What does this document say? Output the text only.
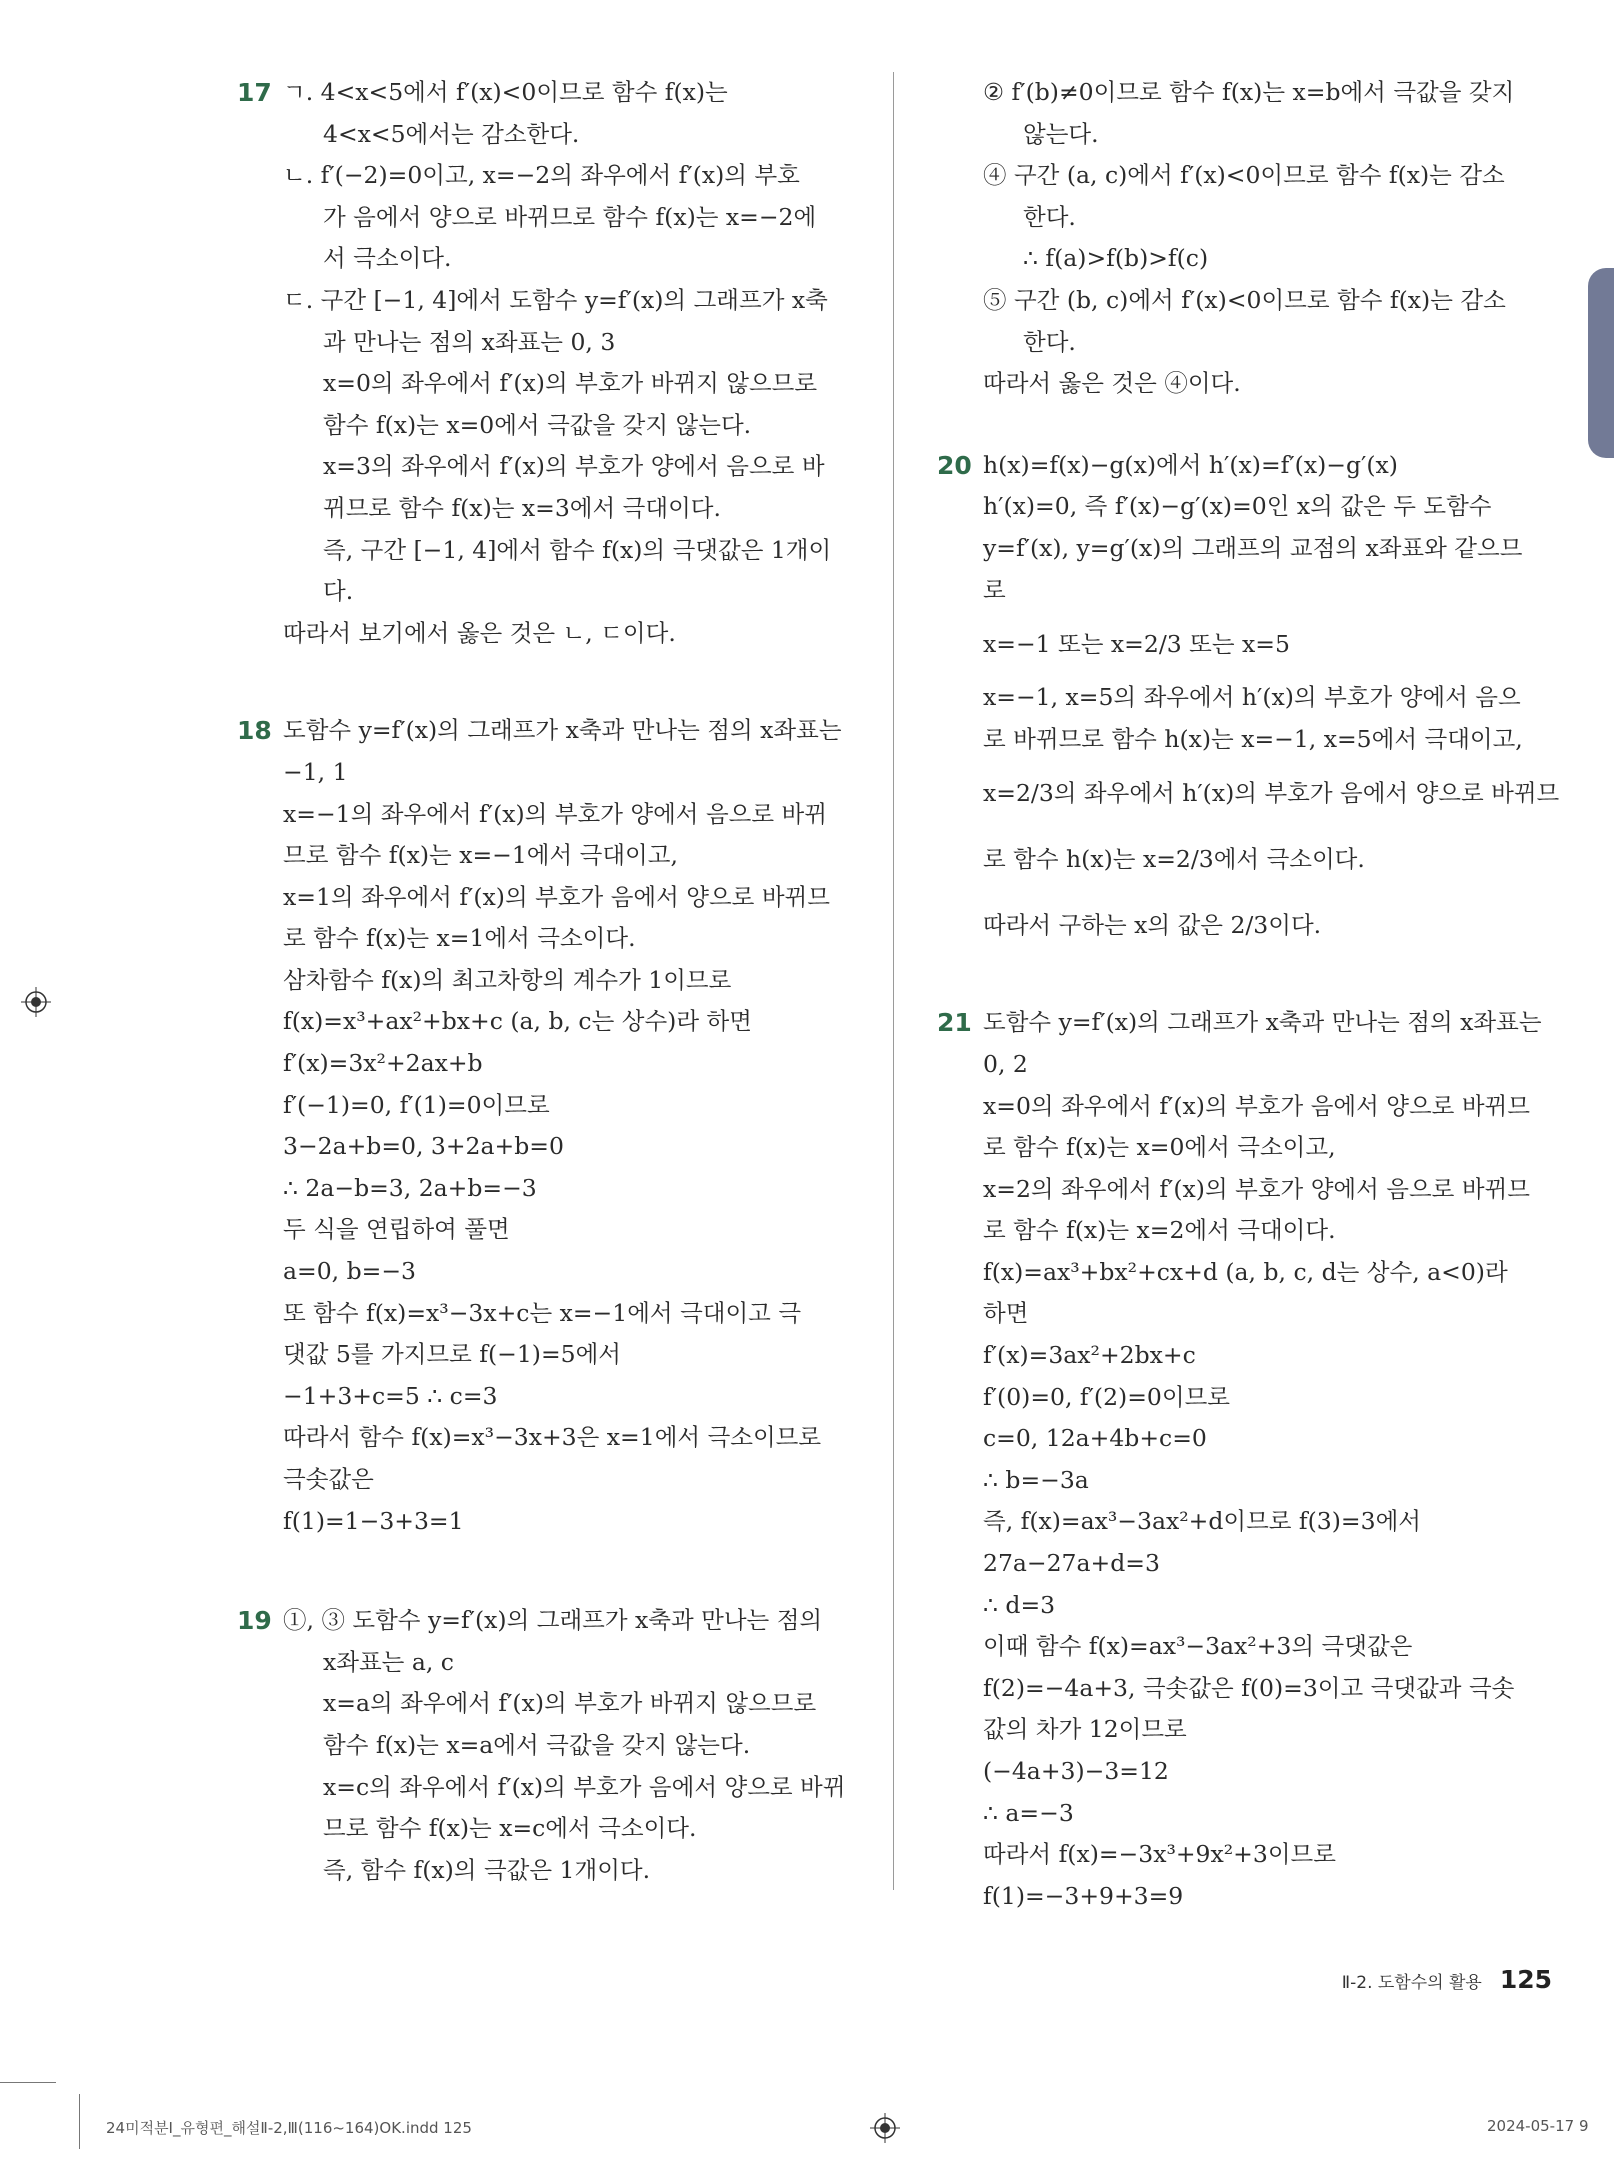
17 ㄱ. 4<x<5에서 f′(x)<0이므로 함수 f(x)는
4<x<5에서는 감소한다.
ㄴ. f′(−2)=0이고, x=−2의 좌우에서 f′(x)의 부호
가 음에서 양으로 바뀌므로 함수 f(x)는 x=−2에
서 극소이다.
ㄷ. 구간 [−1, 4]에서 도함수 y=f′(x)의 그래프가 x축
과 만나는 점의 x좌표는 0, 3
x=0의 좌우에서 f′(x)의 부호가 바뀌지 않으므로
함수 f(x)는 x=0에서 극값을 갖지 않는다.
x=3의 좌우에서 f′(x)의 부호가 양에서 음으로 바
뀌므로 함수 f(x)는 x=3에서 극대이다.
즉, 구간 [−1, 4]에서 함수 f(x)의 극댓값은 1개이
다.
따라서 보기에서 옳은 것은 ㄴ, ㄷ이다.
18 도함수 y=f′(x)의 그래프가 x축과 만나는 점의 x좌표는
−1, 1
x=−1의 좌우에서 f′(x)의 부호가 양에서 음으로 바뀌
므로 함수 f(x)는 x=−1에서 극대이고,
x=1의 좌우에서 f′(x)의 부호가 음에서 양으로 바뀌므
로 함수 f(x)는 x=1에서 극소이다.
삼차함수 f(x)의 최고차항의 계수가 1이므로
f(x)=x³+ax²+bx+c (a, b, c는 상수)라 하면
f′(x)=3x²+2ax+b
f′(−1)=0, f′(1)=0이므로
3−2a+b=0, 3+2a+b=0
∴ 2a−b=3, 2a+b=−3
두 식을 연립하여 풀면
a=0, b=−3
또 함수 f(x)=x³−3x+c는 x=−1에서 극대이고 극
댓값 5를 가지므로 f(−1)=5에서
−1+3+c=5 ∴ c=3
따라서 함수 f(x)=x³−3x+3은 x=1에서 극소이므로
극솟값은
f(1)=1−3+3=1
19 ①, ③ 도함수 y=f′(x)의 그래프가 x축과 만나는 점의
x좌표는 a, c
x=a의 좌우에서 f′(x)의 부호가 바뀌지 않으므로
함수 f(x)는 x=a에서 극값을 갖지 않는다.
x=c의 좌우에서 f′(x)의 부호가 음에서 양으로 바뀌
므로 함수 f(x)는 x=c에서 극소이다.
즉, 함수 f(x)의 극값은 1개이다.
② f′(b)≠0이므로 함수 f(x)는 x=b에서 극값을 갖지
않는다.
④ 구간 (a, c)에서 f′(x)<0이므로 함수 f(x)는 감소
한다.
∴ f(a)>f(b)>f(c)
⑤ 구간 (b, c)에서 f′(x)<0이므로 함수 f(x)는 감소
한다.
따라서 옳은 것은 ④이다.
20 h(x)=f(x)−g(x)에서 h′(x)=f′(x)−g′(x)
h′(x)=0, 즉 f′(x)−g′(x)=0인 x의 값은 두 도함수
y=f′(x), y=g′(x)의 그래프의 교점의 x좌표와 같으므
로
x=−1 또는 x=2/3 또는 x=5
x=−1, x=5의 좌우에서 h′(x)의 부호가 양에서 음으
로 바뀌므로 함수 h(x)는 x=−1, x=5에서 극대이고,
x=2/3의 좌우에서 h′(x)의 부호가 음에서 양으로 바뀌므
로 함수 h(x)는 x=2/3에서 극소이다.
따라서 구하는 x의 값은 2/3이다.
21 도함수 y=f′(x)의 그래프가 x축과 만나는 점의 x좌표는
0, 2
x=0의 좌우에서 f′(x)의 부호가 음에서 양으로 바뀌므
로 함수 f(x)는 x=0에서 극소이고,
x=2의 좌우에서 f′(x)의 부호가 양에서 음으로 바뀌므
로 함수 f(x)는 x=2에서 극대이다.
f(x)=ax³+bx²+cx+d (a, b, c, d는 상수, a<0)라
하면
f′(x)=3ax²+2bx+c
f′(0)=0, f′(2)=0이므로
c=0, 12a+4b+c=0
∴ b=−3a
즉, f(x)=ax³−3ax²+d이므로 f(3)=3에서
27a−27a+d=3
∴ d=3
이때 함수 f(x)=ax³−3ax²+3의 극댓값은
f(2)=−4a+3, 극솟값은 f(0)=3이고 극댓값과 극솟
값의 차가 12이므로
(−4a+3)−3=12
∴ a=−3
따라서 f(x)=−3x³+9x²+3이므로
f(1)=−3+9+3=9
Ⅱ-2. 도함수의 활용 125
24미적분Ⅰ_유형편_해설Ⅱ-2,Ⅲ(116~164)OK.indd 125	2024-05-17 9
